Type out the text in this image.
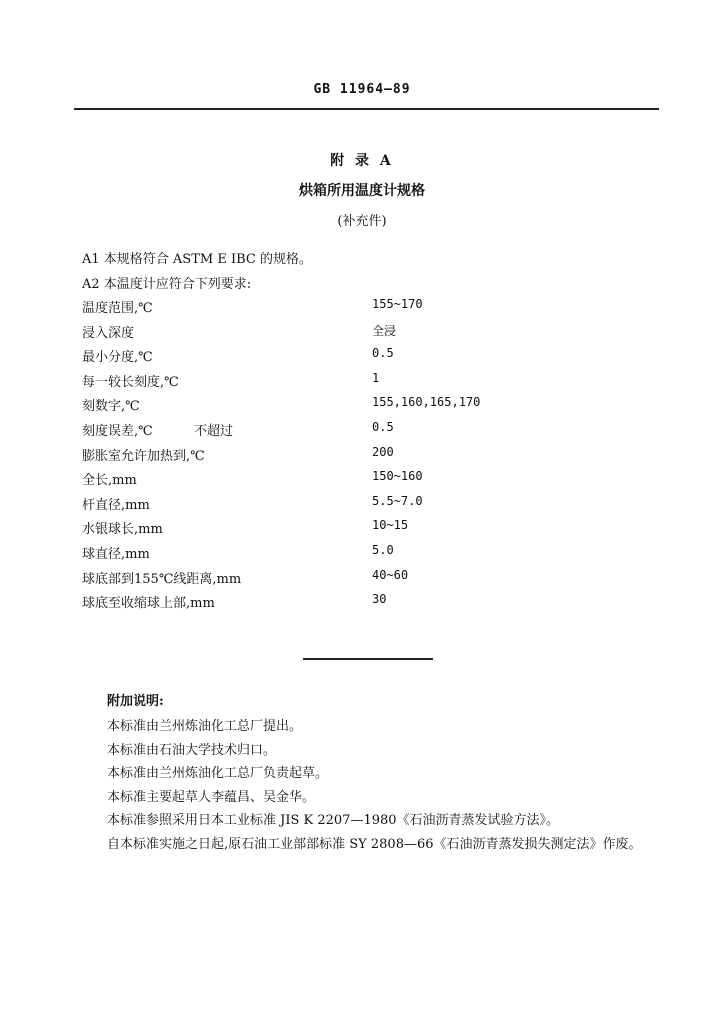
GB 11964—89
附 录 A
烘箱所用温度计规格
(补充件)
A1 本规格符合 ASTM E IBC 的规格。
A2 本温度计应符合下列要求:
温度范围,℃	155~170
浸入深度	全浸
最小分度,℃	0.5
每一较长刻度,℃	1
刻数字,℃	155,160,165,170
刻度误差,℃	不超过	0.5
膨胀室允许加热到,℃	200
全长,mm	150~160
杆直径,mm	5.5~7.0
水银球长,mm	10~15
球直径,mm	5.0
球底部到155℃线距离,mm	40~60
球底至收缩球上部,mm	30
附加说明:
本标准由兰州炼油化工总厂提出。
本标准由石油大学技术归口。
本标准由兰州炼油化工总厂负责起草。
本标准主要起草人李蕴昌、吴金华。
本标准参照采用日本工业标准 JIS K 2207—1980《石油沥青蒸发试验方法》。
自本标准实施之日起,原石油工业部部标准 SY 2808—66《石油沥青蒸发损失测定法》作废。
